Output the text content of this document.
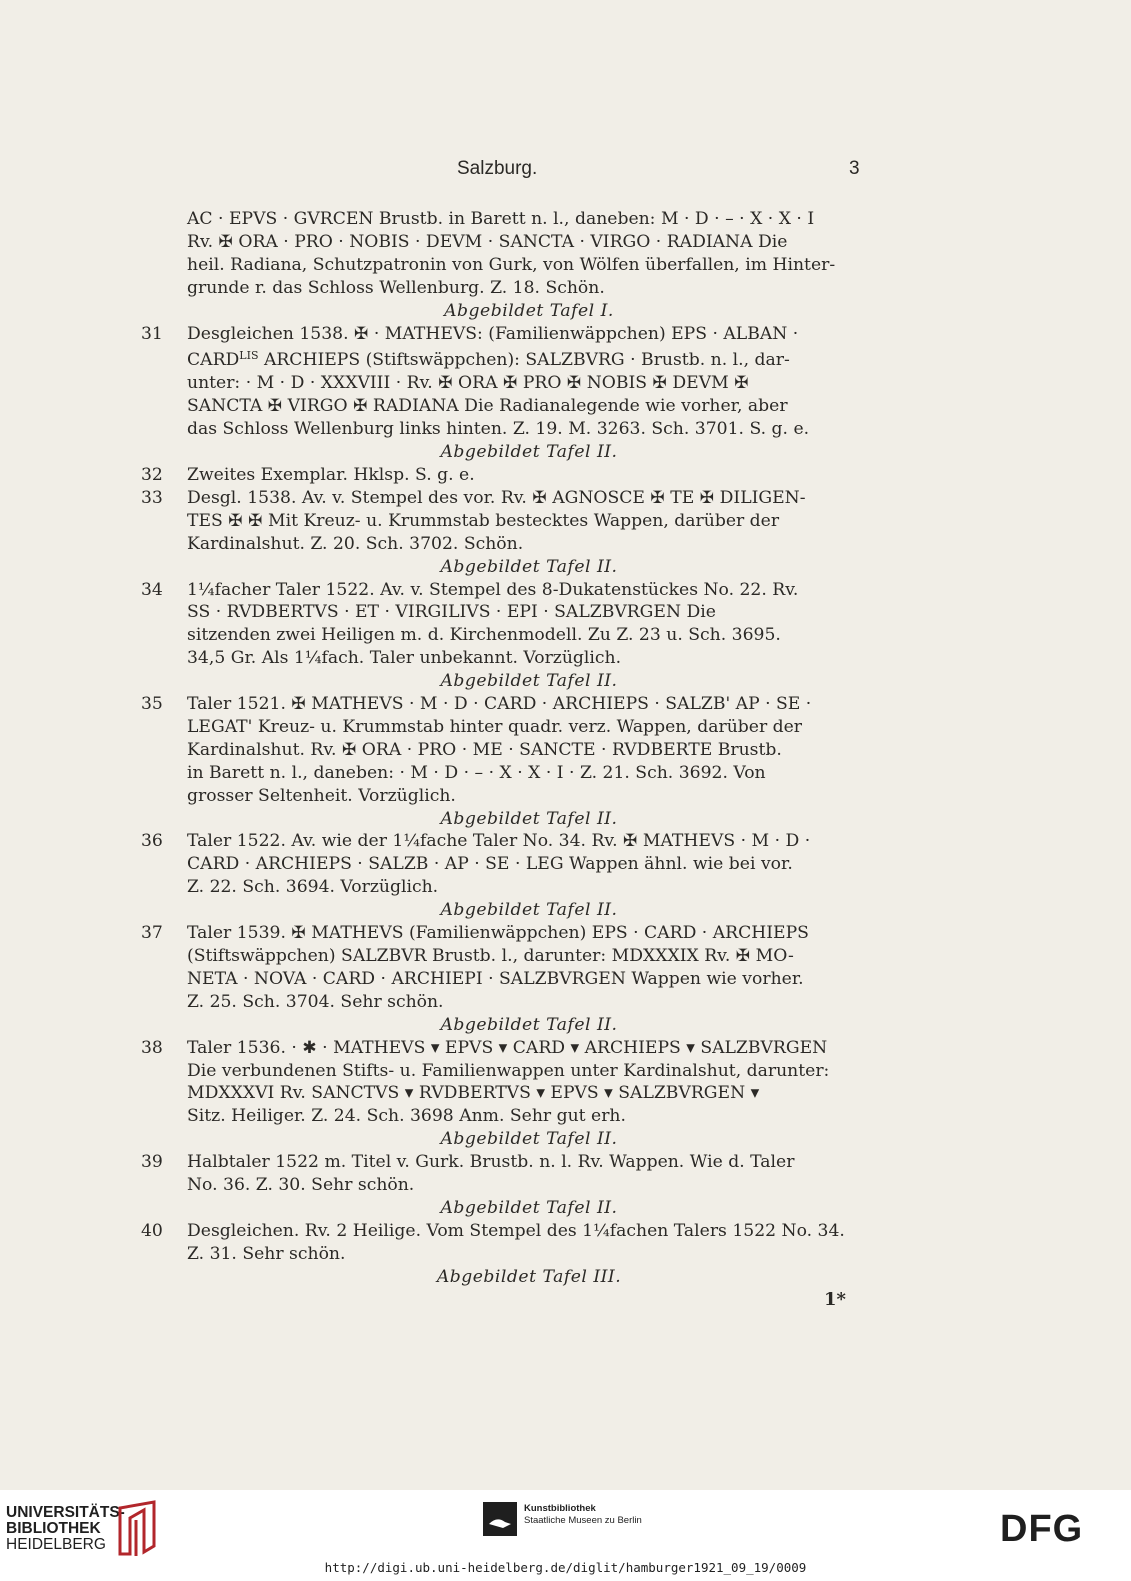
Salzburg.	3
AC · EPVS · GVRCEN Brustb. in Barett n. l., daneben: M · D · – · X · X · I
Rv. ✠ ORA · PRO · NOBIS · DEVM · SANCTA · VIRGO · RADIANA Die
heil. Radiana, Schutzpatronin von Gurk, von Wölfen überfallen, im Hinter-
grunde r. das Schloss Wellenburg. Z. 18. Schön.
Abgebildet Tafel I.
31 Desgleichen 1538. ✠ · MATHEVS: (Familienwäppchen) EPS · ALBAN ·
$CARD^{LIS}$ ARCHIEPS (Stiftswäppchen): SALZBVRG · Brustb. n. l., dar-
unter: · M · D · XXXVIII · Rv. ✠ ORA ✠ PRO ✠ NOBIS ✠ DEVM ✠
SANCTA ✠ VIRGO ✠ RADIANA Die Radianalegende wie vorher, aber
das Schloss Wellenburg links hinten. Z. 19. M. 3263. Sch. 3701. S. g. e.
Abgebildet Tafel II.
32 Zweites Exemplar. Hklsp. S. g. e.
33 Desgl. 1538. Av. v. Stempel des vor. Rv. ✠ AGNOSCE ✠ TE ✠ DILIGEN-
TES ✠ ✠ Mit Kreuz- u. Krummstab bestecktes Wappen, darüber der
Kardinalshut. Z. 20. Sch. 3702. Schön.
Abgebildet Tafel II.
34 1¼facher Taler 1522. Av. v. Stempel des 8-Dukatenstückes No. 22. Rv.
SS · RVDBERTVS · ET · VIRGILIVS · EPI · SALZBVRGEN Die
sitzenden zwei Heiligen m. d. Kirchenmodell. Zu Z. 23 u. Sch. 3695.
34,5 Gr. Als 1¼fach. Taler unbekannt. Vorzüglich.
Abgebildet Tafel II.
35 Taler 1521. ✠ MATHEVS · M · D · CARD · ARCHIEPS · SALZB' AP · SE ·
LEGAT' Kreuz- u. Krummstab hinter quadr. verz. Wappen, darüber der
Kardinalshut. Rv. ✠ ORA · PRO · ME · SANCTE · RVDBERTE Brustb.
in Barett n. l., daneben: · M · D · – · X · X · I · Z. 21. Sch. 3692. Von
grosser Seltenheit. Vorzüglich.
Abgebildet Tafel II.
36 Taler 1522. Av. wie der 1¼fache Taler No. 34. Rv. ✠ MATHEVS · M · D ·
CARD · ARCHIEPS · SALZB · AP · SE · LEG Wappen ähnl. wie bei vor.
Z. 22. Sch. 3694. Vorzüglich.
Abgebildet Tafel II.
37 Taler 1539. ✠ MATHEVS (Familienwäppchen) EPS · CARD · ARCHIEPS
(Stiftswäppchen) SALZBVR Brustb. l., darunter: MDXXXIX Rv. ✠ MO-
NETA · NOVA · CARD · ARCHIEPI · SALZBVRGEN Wappen wie vorher.
Z. 25. Sch. 3704. Sehr schön.
Abgebildet Tafel II.
38 Taler 1536. · ✱ · MATHEVS ▾ EPVS ▾ CARD ▾ ARCHIEPS ▾ SALZBVRGEN
Die verbundenen Stifts- u. Familienwappen unter Kardinalshut, darunter:
MDXXXVI Rv. SANCTVS ▾ RVDBERTVS ▾ EPVS ▾ SALZBVRGEN ▾
Sitz. Heiliger. Z. 24. Sch. 3698 Anm. Sehr gut erh.
Abgebildet Tafel II.
39 Halbtaler 1522 m. Titel v. Gurk. Brustb. n. l. Rv. Wappen. Wie d. Taler
No. 36. Z. 30. Sehr schön.
Abgebildet Tafel II.
40 Desgleichen. Rv. 2 Heilige. Vom Stempel des 1¼fachen Talers 1522 No. 34.
Z. 31. Sehr schön.
Abgebildet Tafel III.
1*
UNIVERSITÄTS-
BIBLIOTHEK
HEIDELBERG
Kunstbibliothek
Staatliche Museen zu Berlin	DFG
http://digi.ub.uni-heidelberg.de/diglit/hamburger1921_09_19/0009
